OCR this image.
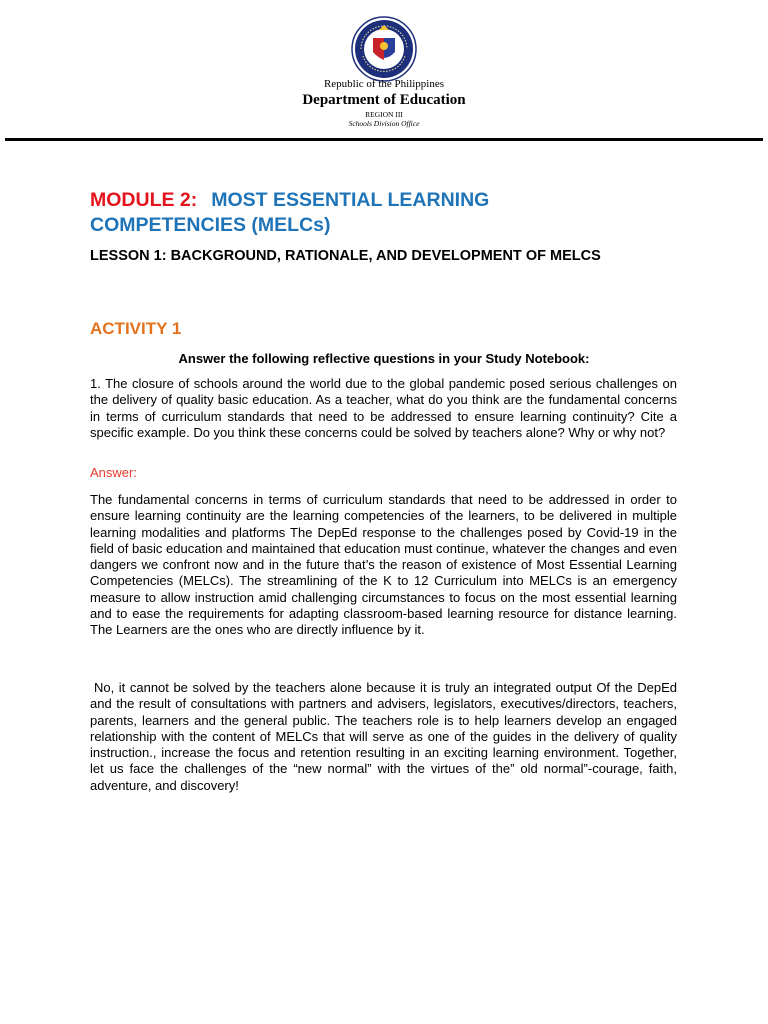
Republic of the Philippines
Department of Education
REGION III
Schools Division Office
MODULE 2: MOST ESSENTIAL LEARNING
COMPETENCIES (MELCs)
LESSON 1: BACKGROUND, RATIONALE, AND DEVELOPMENT OF MELCS
ACTIVITY 1
Answer the following reflective questions in your Study Notebook:
1. The closure of schools around the world due to the global pandemic posed serious challenges on the delivery of quality basic education. As a teacher, what do you think are the fundamental concerns in terms of curriculum standards that need to be addressed to ensure learning continuity? Cite a specific example. Do you think these concerns could be solved by teachers alone? Why or why not?
Answer:
The fundamental concerns in terms of curriculum standards that need to be addressed in order to ensure learning continuity are the learning competencies of the learners, to be delivered in multiple learning modalities and platforms The DepEd response to the challenges posed by Covid-19 in the field of basic education and maintained that education must continue, whatever the changes and even dangers we confront now and in the future that’s the reason of existence of Most Essential Learning Competencies (MELCs). The streamlining of the K to 12 Curriculum into MELCs is an emergency measure to allow instruction amid challenging circumstances to focus on the most essential learning and to ease the requirements for adapting classroom-based learning resource for distance learning. The Learners are the ones who are directly influence by it.
No, it cannot be solved by the teachers alone because it is truly an integrated output Of the DepEd and the result of consultations with partners and advisers, legislators, executives/directors, teachers, parents, learners and the general public. The teachers role is to help learners develop an engaged relationship with the content of MELCs that will serve as one of the guides in the delivery of quality instruction., increase the focus and retention resulting in an exciting learning environment. Together, let us face the challenges of the “new normal” with the virtues of the” old normal”-courage, faith, adventure, and discovery!
